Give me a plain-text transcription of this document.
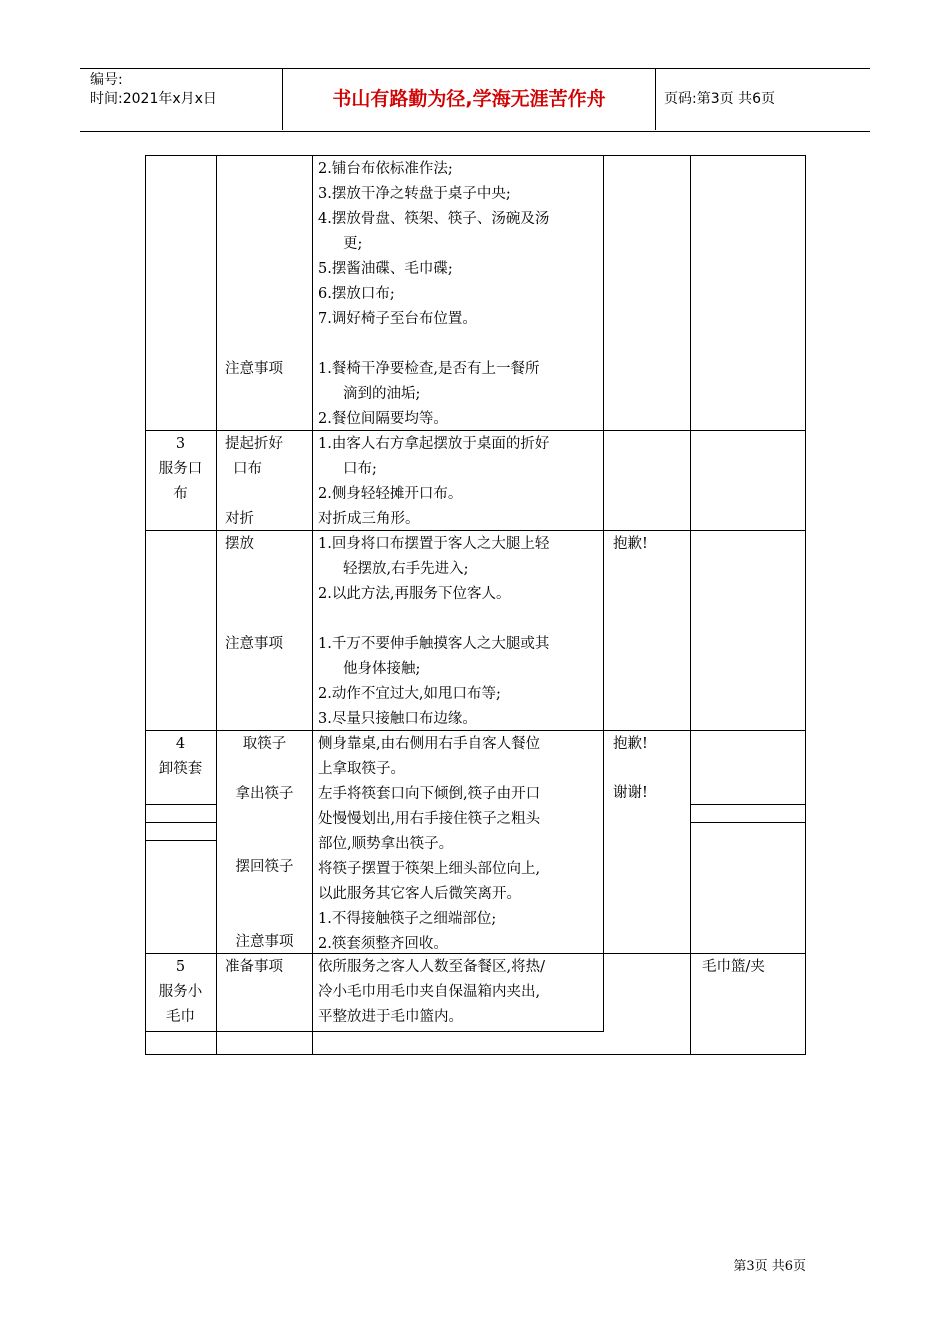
编号:
时间:2021年x月x日	书山有路勤为径,学海无涯苦作舟	页码:第3页 共6页
2.铺台布依标准作法;
3.摆放干净之转盘于桌子中央;
4.摆放骨盘、筷架、筷子、汤碗及汤
更;
5.摆酱油碟、毛巾碟;
6.摆放口布;
7.调好椅子至台布位置。
注意事项 1.餐椅干净要检查,是否有上一餐所
滴到的油垢;
2.餐位间隔要均等。
3
服务口
布
提起折好
口布

对折
1.由客人右方拿起摆放于桌面的折好
口布;
2.侧身轻轻摊开口布。
对折成三角形。
摆放
注意事项
1.回身将口布摆置于客人之大腿上轻
轻摆放,右手先进入;
2.以此方法,再服务下位客人。
1.千万不要伸手触摸客人之大腿或其
他身体接触;
2.动作不宜过大,如甩口布等;
3.尽量只接触口布边缘。
抱歉!
4
卸筷套
取筷子
拿出筷子
摆回筷子
注意事项
侧身靠桌,由右侧用右手自客人餐位
上拿取筷子。
左手将筷套口向下倾倒,筷子由开口
处慢慢划出,用右手接住筷子之粗头
部位,顺势拿出筷子。
将筷子摆置于筷架上细头部位向上,
以此服务其它客人后微笑离开。
1.不得接触筷子之细端部位;
2.筷套须整齐回收。
抱歉!
谢谢!
5
服务小
毛巾
准备事项 依所服务之客人人数至备餐区,将热/
冷小毛巾用毛巾夹自保温箱内夹出,
平整放进于毛巾篮内。
毛巾篮/夹
第3页 共6页
